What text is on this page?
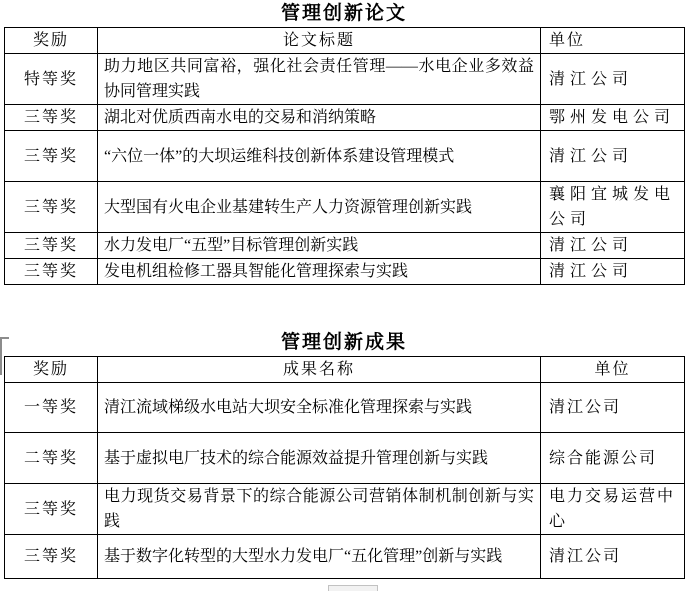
管理创新论文
奖励	论文标题	单位
特等奖	助力地区共同富裕，强化社会责任管理——水电企业多效益协同管理实践	清江公司
三等奖	湖北对优质西南水电的交易和消纳策略	鄂州发电公司
三等奖	“六位一体”的大坝运维科技创新体系建设管理模式	清江公司
三等奖	大型国有火电企业基建转生产人力资源管理创新实践	襄阳宜城发电公司
三等奖	水力发电厂“五型”目标管理创新实践	清江公司
三等奖	发电机组检修工器具智能化管理探索与实践	清江公司
管理创新成果
奖励	成果名称	单位
一等奖	清江流域梯级水电站大坝安全标准化管理探索与实践	清江公司
二等奖	基于虚拟电厂技术的综合能源效益提升管理创新与实践	综合能源公司
三等奖	电力现货交易背景下的综合能源公司营销体制机制创新与实践	电力交易运营中心
三等奖	基于数字化转型的大型水力发电厂“五化管理”创新与实践	清江公司
